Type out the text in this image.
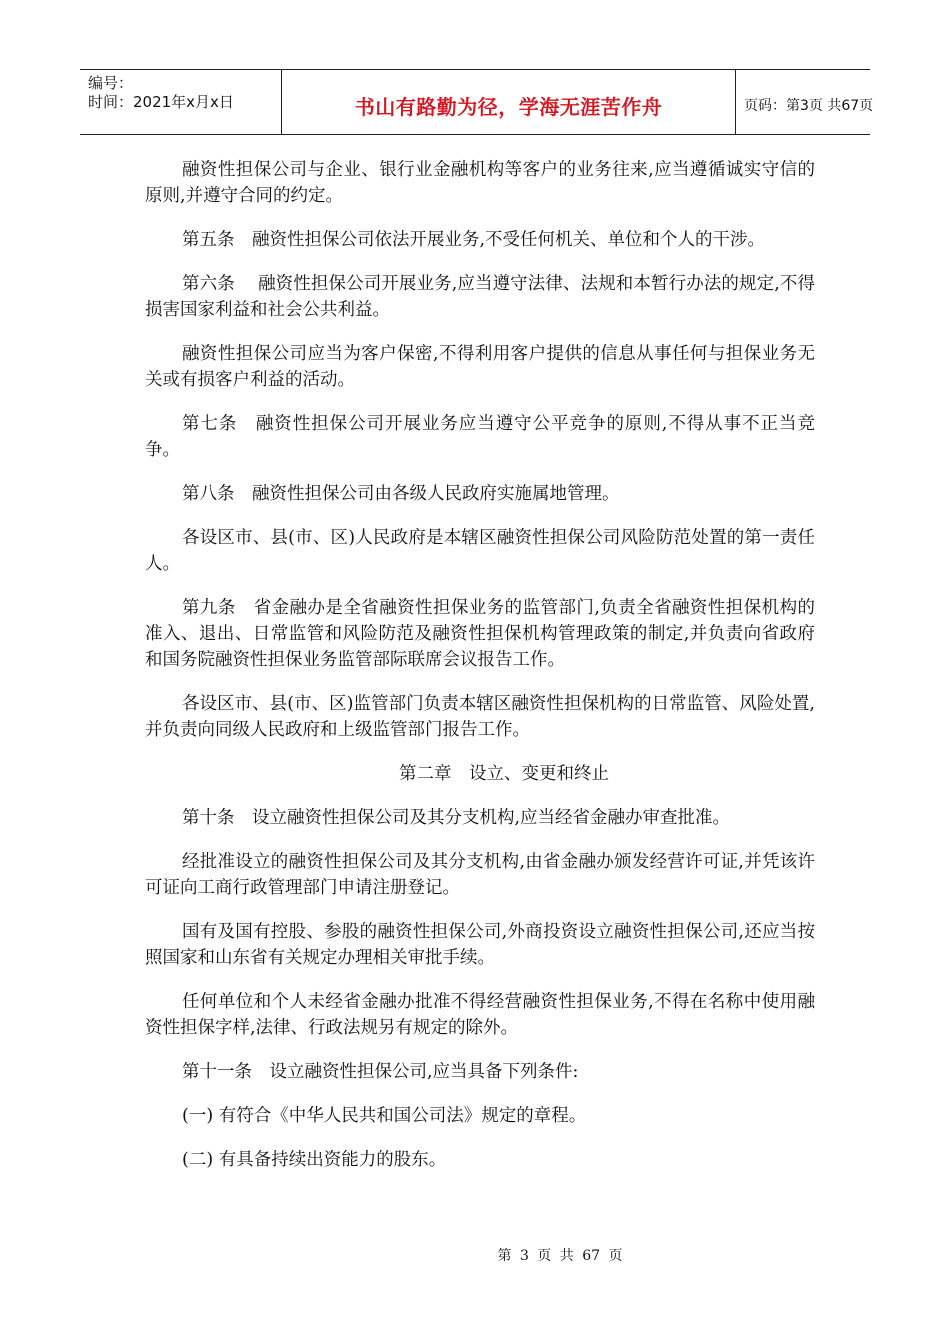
编号：
时间：2021年x月x日	书山有路勤为径，学海无涯苦作舟	页码：第3页 共67页

融资性担保公司与企业、银行业金融机构等客户的业务往来,应当遵循诚实守信的原则,并遵守合同的约定。

第五条　融资性担保公司依法开展业务,不受任何机关、单位和个人的干涉。

第六条　 融资性担保公司开展业务,应当遵守法律、法规和本暂行办法的规定,不得损害国家利益和社会公共利益。

融资性担保公司应当为客户保密,不得利用客户提供的信息从事任何与担保业务无关或有损客户利益的活动。

第七条　融资性担保公司开展业务应当遵守公平竞争的原则,不得从事不正当竞争。

第八条　融资性担保公司由各级人民政府实施属地管理。

各设区市、县(市、区)人民政府是本辖区融资性担保公司风险防范处置的第一责任人。

第九条　省金融办是全省融资性担保业务的监管部门,负责全省融资性担保机构的准入、退出、日常监管和风险防范及融资性担保机构管理政策的制定,并负责向省政府和国务院融资性担保业务监管部际联席会议报告工作。

各设区市、县(市、区)监管部门负责本辖区融资性担保机构的日常监管、风险处置,并负责向同级人民政府和上级监管部门报告工作。

第二章　设立、变更和终止

第十条　设立融资性担保公司及其分支机构,应当经省金融办审查批准。

经批准设立的融资性担保公司及其分支机构,由省金融办颁发经营许可证,并凭该许可证向工商行政管理部门申请注册登记。

国有及国有控股、参股的融资性担保公司,外商投资设立融资性担保公司,还应当按照国家和山东省有关规定办理相关审批手续。

任何单位和个人未经省金融办批准不得经营融资性担保业务,不得在名称中使用融资性担保字样,法律、行政法规另有规定的除外。

第十一条　设立融资性担保公司,应当具备下列条件:

(一) 有符合《中华人民共和国公司法》规定的章程。

(二) 有具备持续出资能力的股东。

第 3 页 共 67 页
